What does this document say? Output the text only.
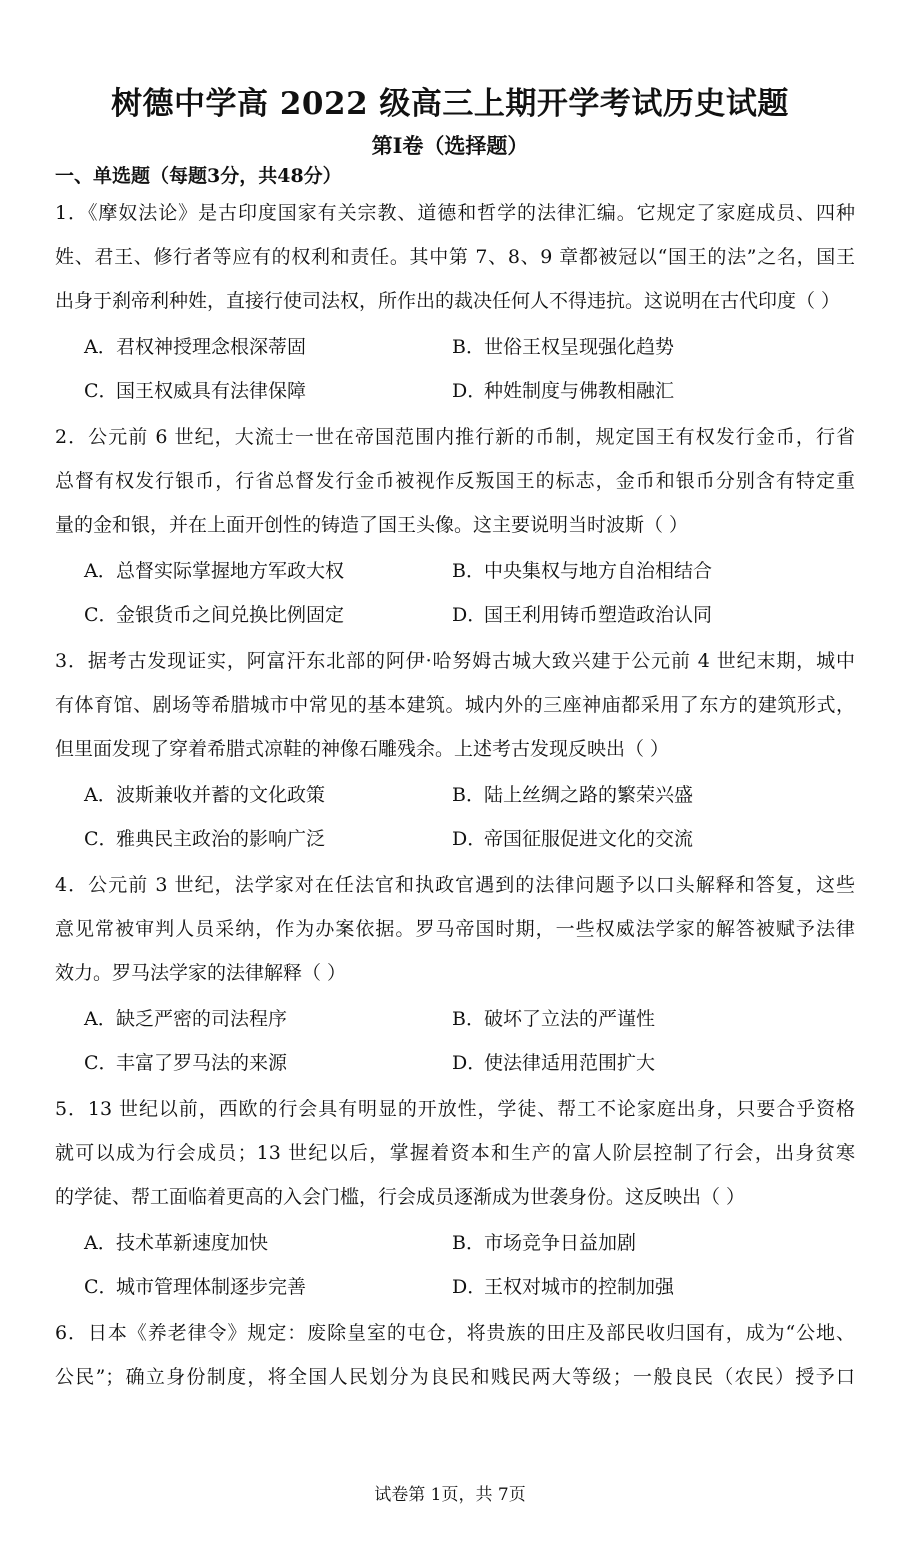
树德中学高 2022 级高三上期开学考试历史试题
第Ⅰ卷（选择题）
一、单选题（每题3分，共48分）
1．《摩奴法论》是古印度国家有关宗教、道德和哲学的法律汇编。它规定了家庭成员、四种
姓、君王、修行者等应有的权利和责任。其中第 7、8、9 章都被冠以“国王的法”之名，国王
出身于刹帝利种姓，直接行使司法权，所作出的裁决任何人不得违抗。这说明在古代印度（ ）
A．君权神授理念根深蒂固	B．世俗王权呈现强化趋势
C．国王权威具有法律保障	D．种姓制度与佛教相融汇
2．公元前 6 世纪，大流士一世在帝国范围内推行新的币制，规定国王有权发行金币，行省
总督有权发行银币，行省总督发行金币被视作反叛国王的标志，金币和银币分别含有特定重
量的金和银，并在上面开创性的铸造了国王头像。这主要说明当时波斯（ ）
A．总督实际掌握地方军政大权	B．中央集权与地方自治相结合
C．金银货币之间兑换比例固定	D．国王利用铸币塑造政治认同
3．据考古发现证实，阿富汗东北部的阿伊·哈努姆古城大致兴建于公元前 4 世纪末期，城中
有体育馆、剧场等希腊城市中常见的基本建筑。城内外的三座神庙都采用了东方的建筑形式，
但里面发现了穿着希腊式凉鞋的神像石雕残余。上述考古发现反映出（ ）
A．波斯兼收并蓄的文化政策	B．陆上丝绸之路的繁荣兴盛
C．雅典民主政治的影响广泛	D．帝国征服促进文化的交流
4．公元前 3 世纪，法学家对在任法官和执政官遇到的法律问题予以口头解释和答复，这些
意见常被审判人员采纳，作为办案依据。罗马帝国时期，一些权威法学家的解答被赋予法律
效力。罗马法学家的法律解释（ ）
A．缺乏严密的司法程序	B．破坏了立法的严谨性
C．丰富了罗马法的来源	D．使法律适用范围扩大
5．13 世纪以前，西欧的行会具有明显的开放性，学徒、帮工不论家庭出身，只要合乎资格
就可以成为行会成员；13 世纪以后，掌握着资本和生产的富人阶层控制了行会，出身贫寒
的学徒、帮工面临着更高的入会门槛，行会成员逐渐成为世袭身份。这反映出（ ）
A．技术革新速度加快	B．市场竞争日益加剧
C．城市管理体制逐步完善	D．王权对城市的控制加强
6．日本《养老律令》规定：废除皇室的屯仓，将贵族的田庄及部民收归国有，成为“公地、
公民”；确立身份制度，将全国人民划分为良民和贱民两大等级；一般良民（农民）授予口
试卷第 1页，共 7页
